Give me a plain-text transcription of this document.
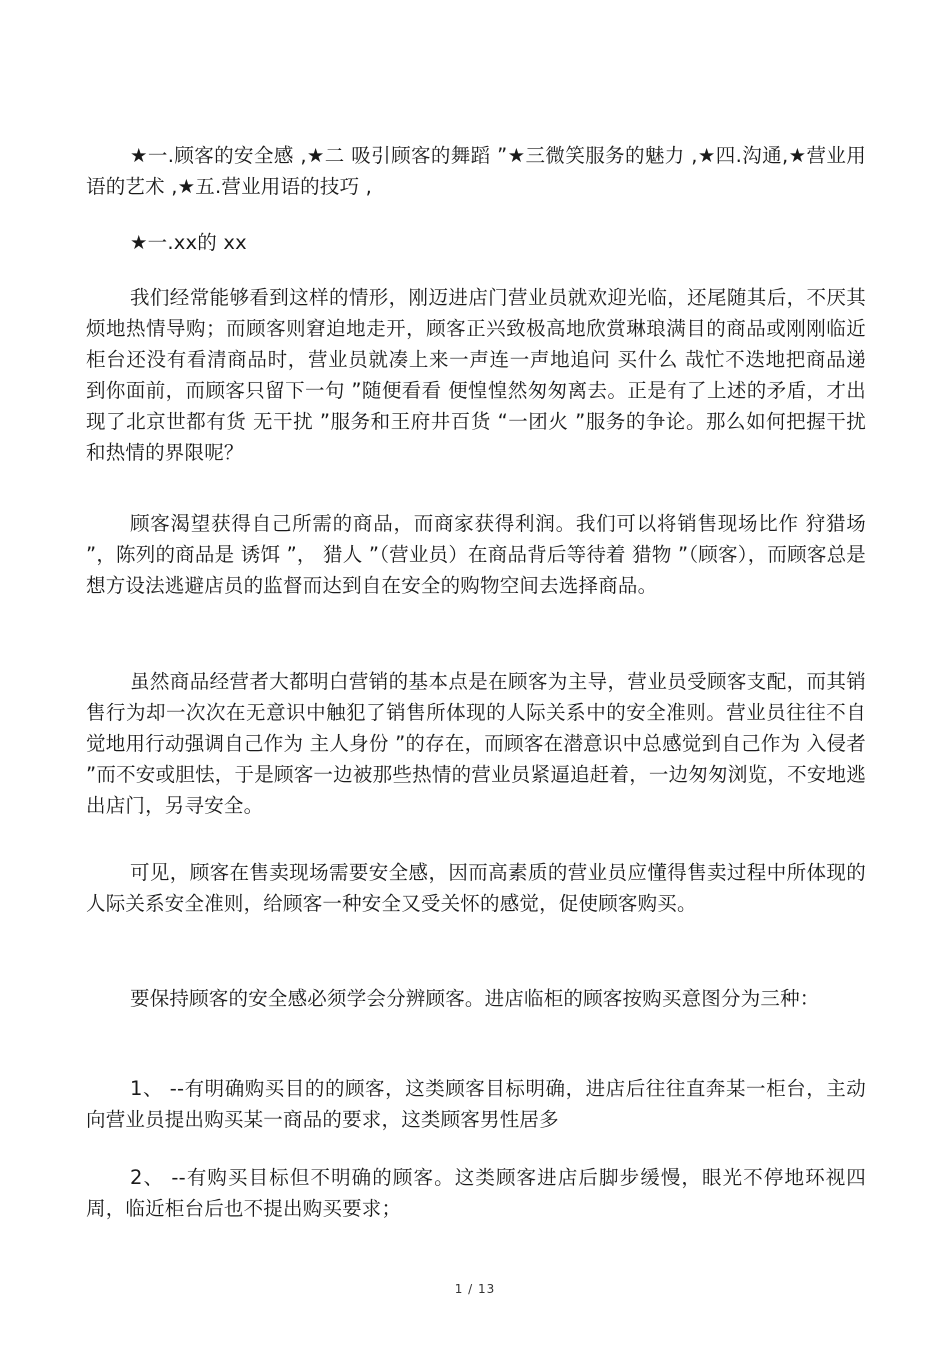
★一.顾客的安全感 ,★二 吸引顾客的舞蹈 ”★三微笑服务的魅力 ,★四.沟通,★营业用语的艺术 ,★五.营业用语的技巧 ,

★一.xx的 xx

我们经常能够看到这样的情形，刚迈进店门营业员就欢迎光临，还尾随其后，不厌其烦地热情导购；而顾客则窘迫地走开，顾客正兴致极高地欣赏琳琅满目的商品或刚刚临近柜台还没有看清商品时，营业员就凑上来一声连一声地追问 买什么 哉忙不迭地把商品递到你面前，而顾客只留下一句 ”随便看看 便惶惶然匆匆离去。正是有了上述的矛盾，才出现了北京世都有货 无干扰 ”服务和王府井百货 “一团火 ”服务的争论。那么如何把握干扰和热情的界限呢？

顾客渴望获得自己所需的商品，而商家获得利润。我们可以将销售现场比作 狩猎场 ”，陈列的商品是 诱饵 ”， 猎人 ”（营业员）在商品背后等待着 猎物 ”（顾客），而顾客总是想方设法逃避店员的监督而达到自在安全的购物空间去选择商品。

虽然商品经营者大都明白营销的基本点是在顾客为主导，营业员受顾客支配，而其销售行为却一次次在无意识中触犯了销售所体现的人际关系中的安全准则。营业员往往不自觉地用行动强调自己作为 主人身份 ”的存在，而顾客在潜意识中总感觉到自己作为 入侵者 ”而不安或胆怯，于是顾客一边被那些热情的营业员紧逼追赶着，一边匆匆浏览，不安地逃出店门，另寻安全。

可见，顾客在售卖现场需要安全感，因而高素质的营业员应懂得售卖过程中所体现的人际关系安全准则，给顾客一种安全又受关怀的感觉，促使顾客购买。

要保持顾客的安全感必须学会分辨顾客。进店临柜的顾客按购买意图分为三种：

1、 --有明确购买目的的顾客，这类顾客目标明确，进店后往往直奔某一柜台，主动向营业员提出购买某一商品的要求，这类顾客男性居多

2、 --有购买目标但不明确的顾客。这类顾客进店后脚步缓慢，眼光不停地环视四周，临近柜台后也不提出购买要求；

1 / 13
